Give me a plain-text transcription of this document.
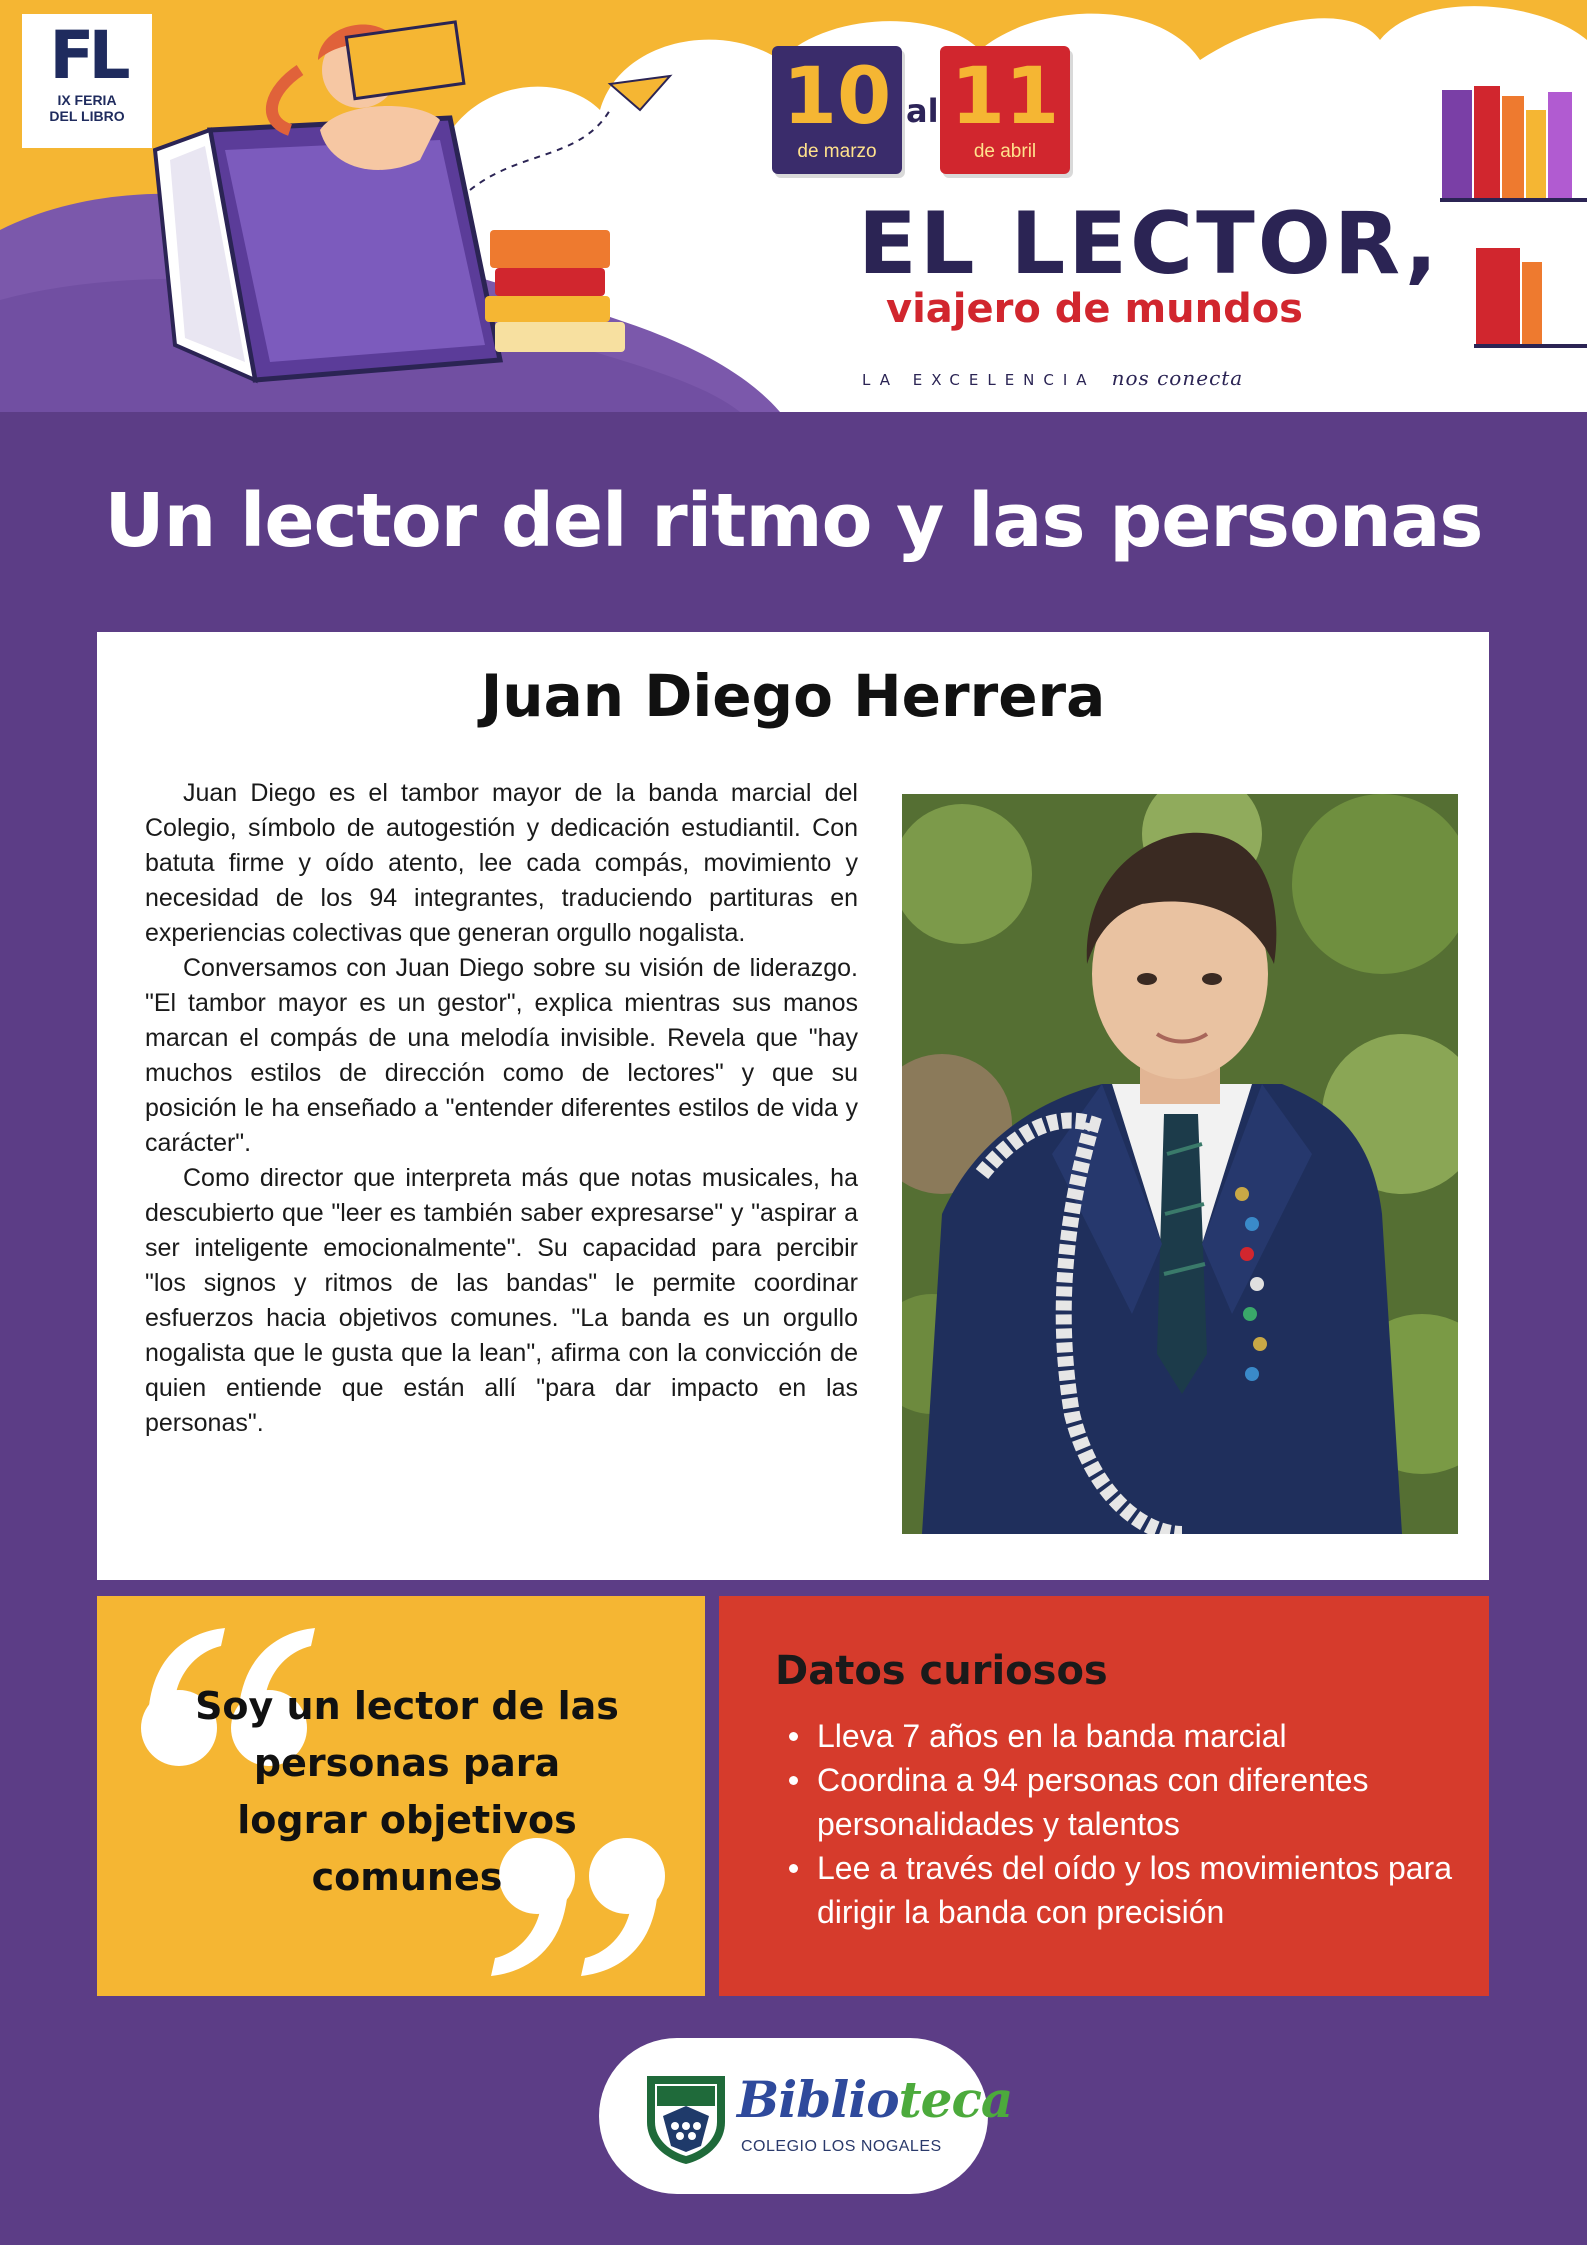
FL
IX FERIA
DEL LIBRO	10
de marzo
al 11
de abril
EL LECTOR,
viajero de mundos
LA EXCELENCIA nos conecta
Un lector del ritmo y las personas
Juan Diego Herrera

Juan Diego es el tambor mayor de la banda marcial del Colegio, símbolo de autogestión y dedicación estudiantil. Con batuta firme y oído atento, lee cada compás, movimiento y necesidad de los 94 integrantes, traduciendo partituras en experiencias colectivas que generan orgullo nogalista.

Conversamos con Juan Diego sobre su visión de liderazgo. "El tambor mayor es un gestor", explica mientras sus manos marcan el compás de una melodía invisible. Revela que "hay muchos estilos de dirección como de lectores" y que su posición le ha enseñado a "entender diferentes estilos de vida y carácter".

Como director que interpreta más que notas musicales, ha descubierto que "leer es también saber expresarse" y "aspirar a ser inteligente emocionalmente". Su capacidad para percibir "los signos y ritmos de las bandas" le permite coordinar esfuerzos hacia objetivos comunes. "La banda es un orgullo nogalista que le gusta que la lean", afirma con la convicción de quien entiende que están allí "para dar impacto en las personas".

Soy un lector de las personas para lograr objetivos comunes
Datos curiosos
Lleva 7 años en la banda marcial
Coordina a 94 personas con diferentes personalidades y talentos
Lee a través del oído y los movimientos para dirigir la banda con precisión
Biblioteca
COLEGIO LOS NOGALES
